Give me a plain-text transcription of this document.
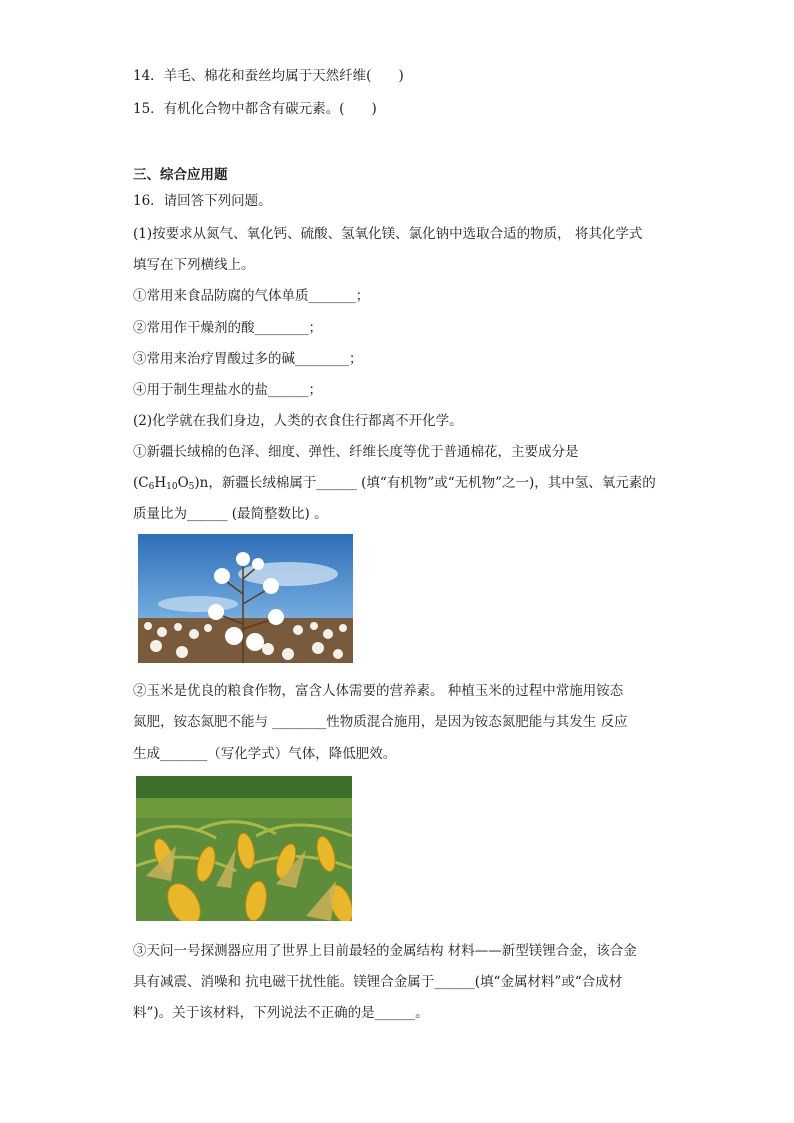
14．羊毛、棉花和蚕丝均属于天然纤维(　　)
15．有机化合物中都含有碳元素。(　　)
三、综合应用题
16．请回答下列问题。
(1)按要求从氮气、氧化钙、硫酸、氢氧化镁、氯化钠中选取合适的物质， 将其化学式
填写在下列横线上。
①常用来食品防腐的气体单质_______；
②常用作干燥剂的酸________；
③常用来治疗胃酸过多的碱________；
④用于制生理盐水的盐______；
(2)化学就在我们身边，人类的衣食住行都离不开化学。
①新疆长绒棉的色泽、细度、弹性、纤维长度等优于普通棉花，主要成分是
$(C_6H_{10}O_5)n$，新疆长绒棉属于______ (填“有机物”或“无机物”之一)，其中氢、氧元素的
质量比为______ (最简整数比) 。
②玉米是优良的粮食作物，富含人体需要的营养素。 种植玉米的过程中常施用铵态
氮肥，铵态氮肥不能与 ________性物质混合施用，是因为铵态氮肥能与其发生 反应
生成_______（写化学式）气体，降低肥效。
③天问一号探测器应用了世界上目前最轻的金属结构 材料——新型镁锂合金，该合金
具有减震、消噪和 抗电磁干扰性能。镁锂合金属于______(填“金属材料”或“合成材
料”)。关于该材料，下列说法不正确的是______。
